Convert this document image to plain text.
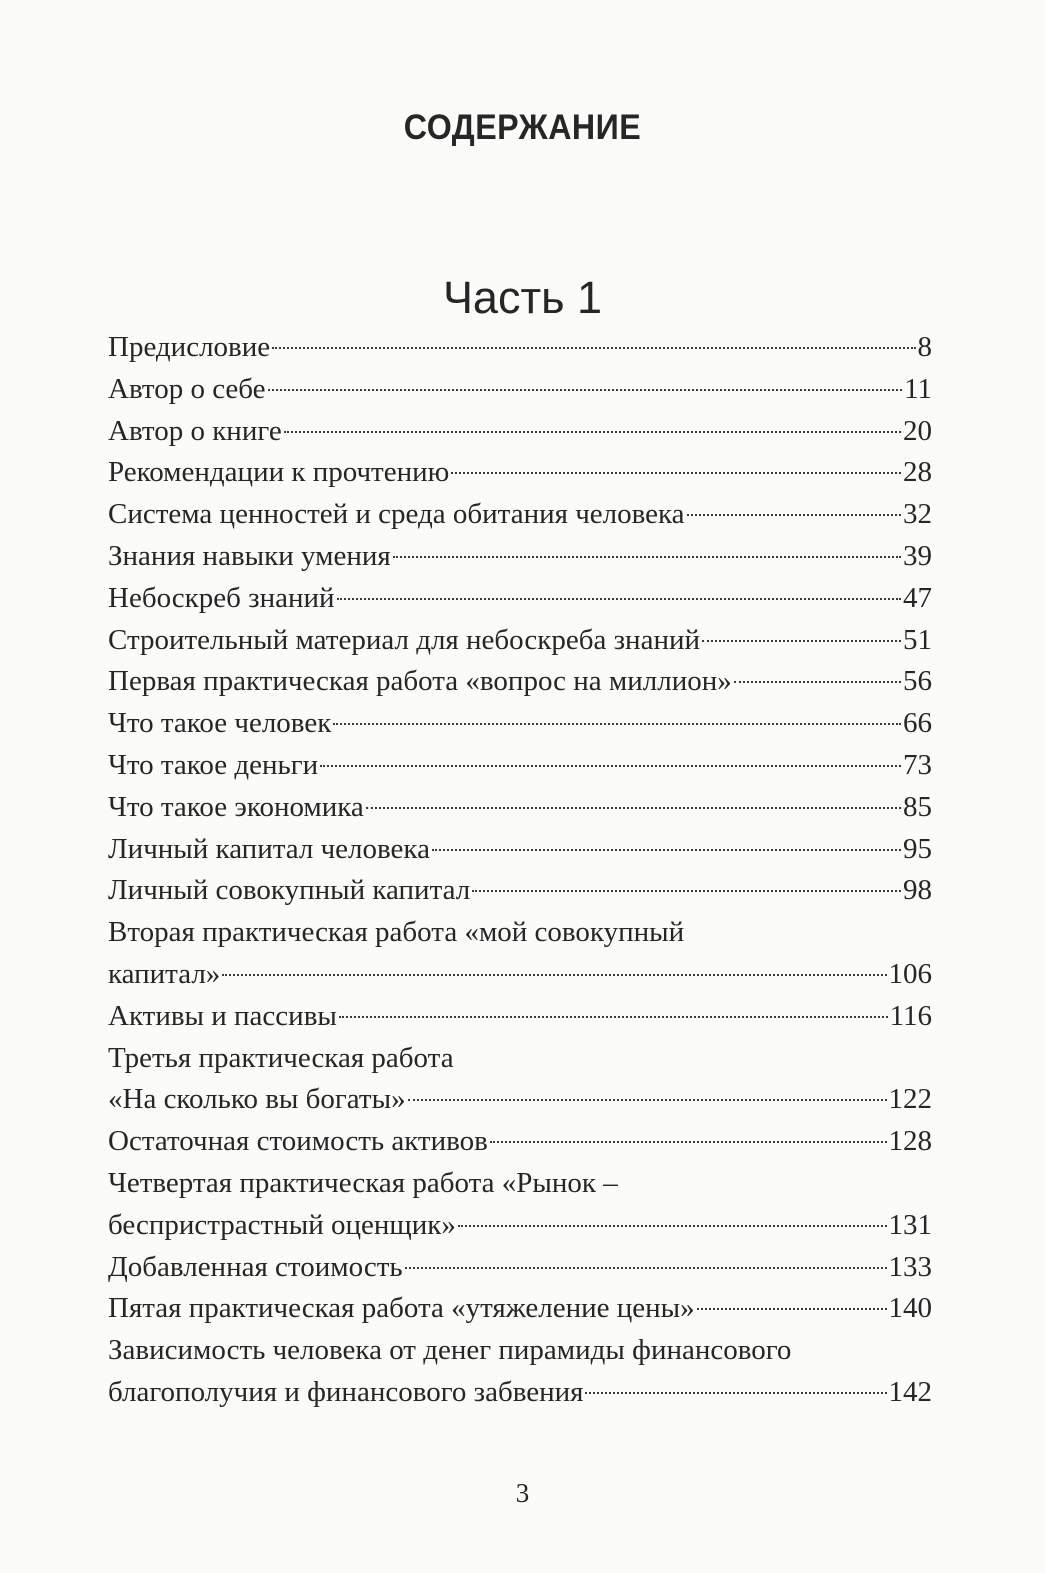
СОДЕРЖАНИЕ
Часть 1
Предисловие	8
Автор о себе	11
Автор о книге	20
Рекомендации к прочтению	28
Система ценностей и среда обитания человека	32
Знания навыки умения	39
Небоскреб знаний	47
Строительный материал для небоскреба знаний	51
Первая практическая работа «вопрос на миллион»	56
Что такое человек	66
Что такое деньги	73
Что такое экономика	85
Личный капитал человека	95
Личный совокупный капитал	98
Вторая практическая работа «мой совокупный
капитал»	106
Активы и пассивы	116
Третья практическая работа
«На сколько вы богаты»	122
Остаточная стоимость активов	128
Четвертая практическая работа «Рынок –
беспристрастный оценщик»	131
Добавленная стоимость	133
Пятая практическая работа «утяжеление цены»	140
Зависимость человека от денег пирамиды финансового
благополучия и финансового забвения	142
3
